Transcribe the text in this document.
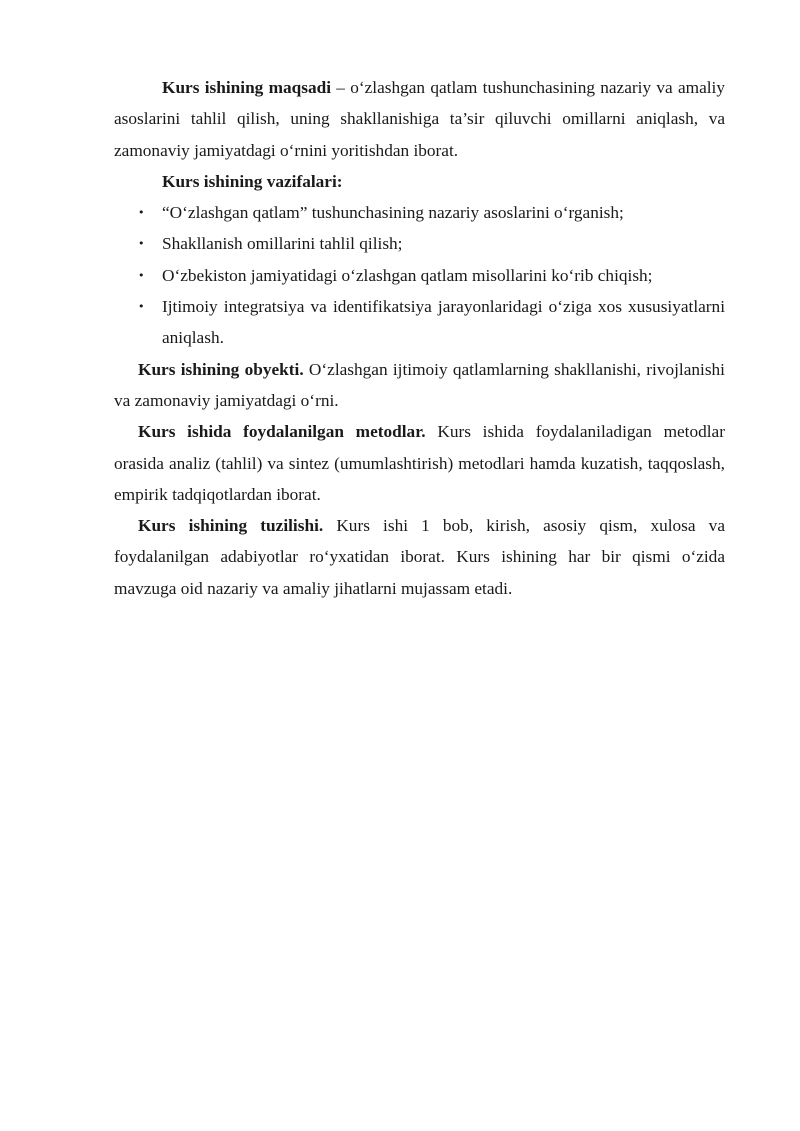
Kurs ishining maqsadi – o‘zlashgan qatlam tushunchasining nazariy va amaliy asoslarini tahlil qilish, uning shakllanishiga ta’sir qiluvchi omillarni aniqlash, va zamonaviy jamiyatdagi o‘rnini yoritishdan iborat.

Kurs ishining vazifalari:

•	“O‘zlashgan qatlam” tushunchasining nazariy asoslarini o‘rganish;
•	Shakllanish omillarini tahlil qilish;
•	O‘zbekiston jamiyatidagi o‘zlashgan qatlam misollarini ko‘rib chiqish;
•	Ijtimoiy integratsiya va identifikatsiya jarayonlaridagi o‘ziga xos xususiyatlarni aniqlash.

Kurs ishining obyekti. O‘zlashgan ijtimoiy qatlamlarning shakllanishi, rivojlanishi va zamonaviy jamiyatdagi o‘rni.

Kurs ishida foydalanilgan metodlar. Kurs ishida foydalaniladigan metodlar orasida analiz (tahlil) va sintez (umumlashtirish) metodlari hamda kuzatish, taqqoslash, empirik tadqiqotlardan iborat.

Kurs ishining tuzilishi. Kurs ishi 1 bob, kirish, asosiy qism, xulosa va foydalanilgan adabiyotlar ro‘yxatidan iborat. Kurs ishining har bir qismi o‘zida mavzuga oid nazariy va amaliy jihatlarni mujassam etadi.
